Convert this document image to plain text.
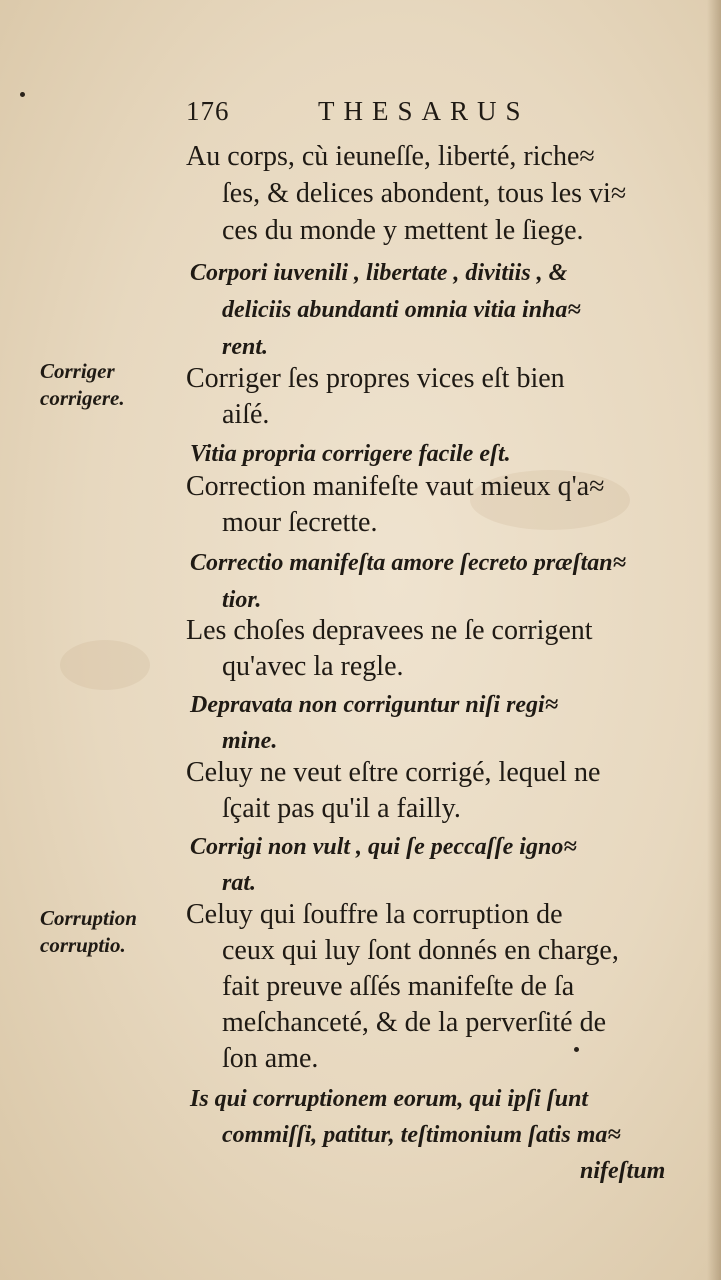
176	THESARUS
Corriger
corrigere.
Corruption
corruptio.
Au corps, cù ieuneſſe, liberté, riche≈
ſes, & delices abondent, tous les vi≈
ces du monde y mettent le ſiege.
Corpori iuvenili , libertate , divitiis , &
deliciis abundanti omnia vitia inha≈
rent.
Corriger ſes propres vices eſt bien
aiſé.
Vitia propria corrigere facile eſt.
Correction manifeſte vaut mieux q'a≈
mour ſecrette.
Correctio manifeſta amore ſecreto præſtan≈
tior.
Les choſes depravees ne ſe corrigent
qu'avec la regle.
Depravata non corriguntur niſi regi≈
mine.
Celuy ne veut eſtre corrigé, lequel ne
ſçait pas qu'il a failly.
Corrigi non vult , qui ſe peccaſſe igno≈
rat.
Celuy qui ſouffre la corruption de
ceux qui luy ſont donnés en charge,
fait preuve aſſés manifeſte de ſa
meſchanceté, & de la perverſité de
ſon ame.
Is qui corruptionem eorum, qui ipſi ſunt
commiſſi, patitur, teſtimonium ſatis ma≈
nifeſtum
